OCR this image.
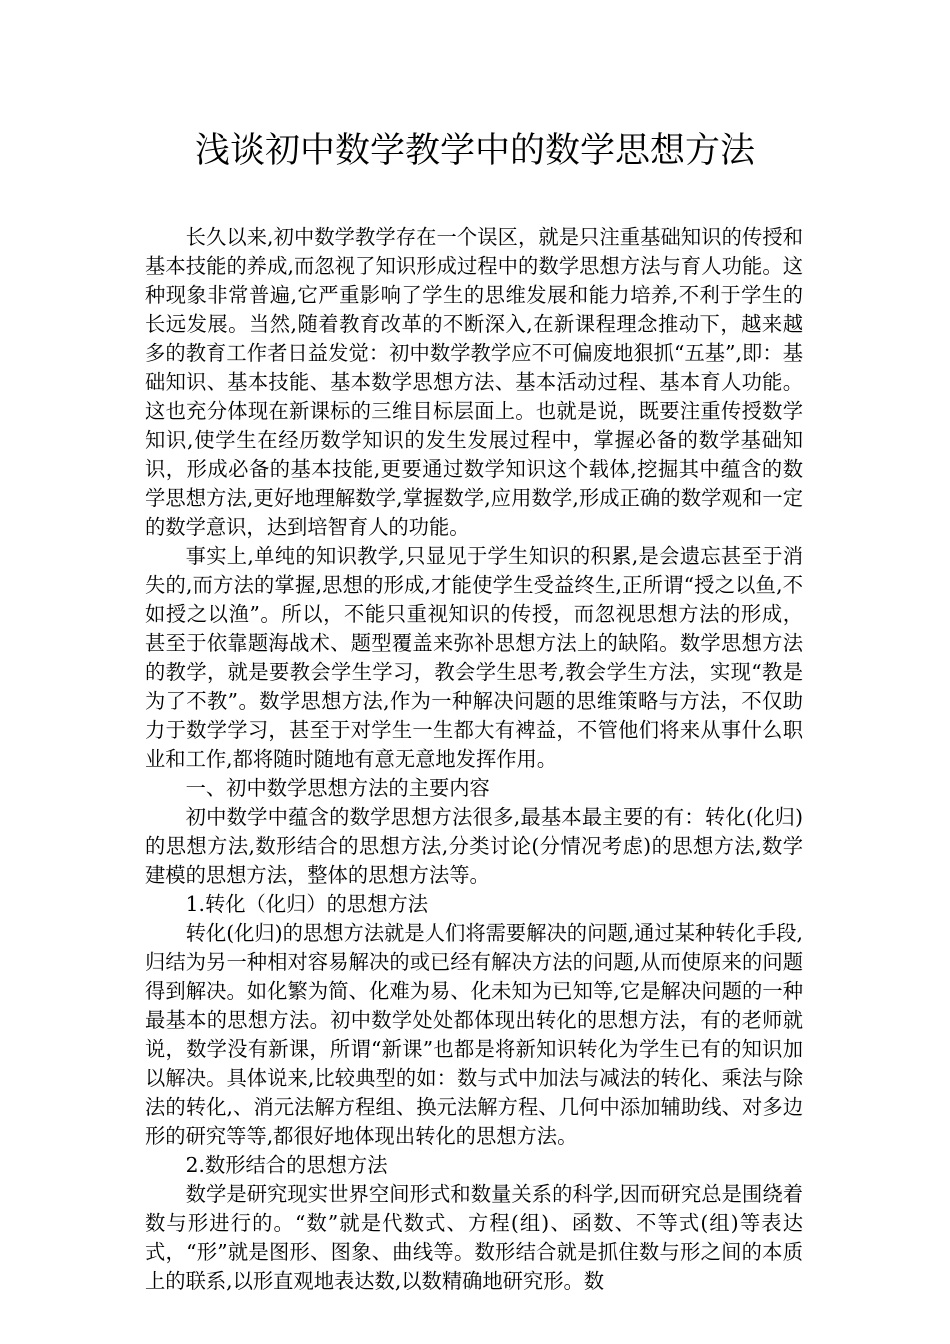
浅谈初中数学教学中的数学思想方法

长久以来,初中数学教学存在一个误区，就是只注重基础知识的传授和基本技能的养成,而忽视了知识形成过程中的数学思想方法与育人功能。这种现象非常普遍,它严重影响了学生的思维发展和能力培养,不利于学生的长远发展。当然,随着教育改革的不断深入,在新课程理念推动下，越来越多的教育工作者日益发觉：初中数学教学应不可偏废地狠抓“五基”,即：基础知识、基本技能、基本数学思想方法、基本活动过程、基本育人功能。这也充分体现在新课标的三维目标层面上。也就是说，既要注重传授数学知识,使学生在经历数学知识的发生发展过程中，掌握必备的数学基础知识，形成必备的基本技能,更要通过数学知识这个载体,挖掘其中蕴含的数学思想方法,更好地理解数学,掌握数学,应用数学,形成正确的数学观和一定的数学意识，达到培智育人的功能。

事实上,单纯的知识教学,只显见于学生知识的积累,是会遗忘甚至于消失的,而方法的掌握,思想的形成,才能使学生受益终生,正所谓“授之以鱼,不如授之以渔”。所以，不能只重视知识的传授，而忽视思想方法的形成，甚至于依靠题海战术、题型覆盖来弥补思想方法上的缺陷。数学思想方法的教学，就是要教会学生学习，教会学生思考,教会学生方法，实现“教是为了不教”。数学思想方法,作为一种解决问题的思维策略与方法，不仅助力于数学学习，甚至于对学生一生都大有裨益，不管他们将来从事什么职业和工作,都将随时随地有意无意地发挥作用。

一、初中数学思想方法的主要内容

初中数学中蕴含的数学思想方法很多,最基本最主要的有：转化(化归)的思想方法,数形结合的思想方法,分类讨论(分情况考虑)的思想方法,数学建模的思想方法，整体的思想方法等。

1.转化（化归）的思想方法

转化(化归)的思想方法就是人们将需要解决的问题,通过某种转化手段,归结为另一种相对容易解决的或已经有解决方法的问题,从而使原来的问题得到解决。如化繁为简、化难为易、化未知为已知等,它是解决问题的一种最基本的思想方法。初中数学处处都体现出转化的思想方法，有的老师就说，数学没有新课，所谓“新课”也都是将新知识转化为学生已有的知识加以解决。具体说来,比较典型的如：数与式中加法与减法的转化、乘法与除法的转化,、消元法解方程组、换元法解方程、几何中添加辅助线、对多边形的研究等等,都很好地体现出转化的思想方法。

2.数形结合的思想方法

数学是研究现实世界空间形式和数量关系的科学,因而研究总是围绕着数与形进行的。“数”就是代数式、方程(组)、函数、不等式(组)等表达式，“形”就是图形、图象、曲线等。数形结合就是抓住数与形之间的本质上的联系,以形直观地表达数,以数精确地研究形。数
